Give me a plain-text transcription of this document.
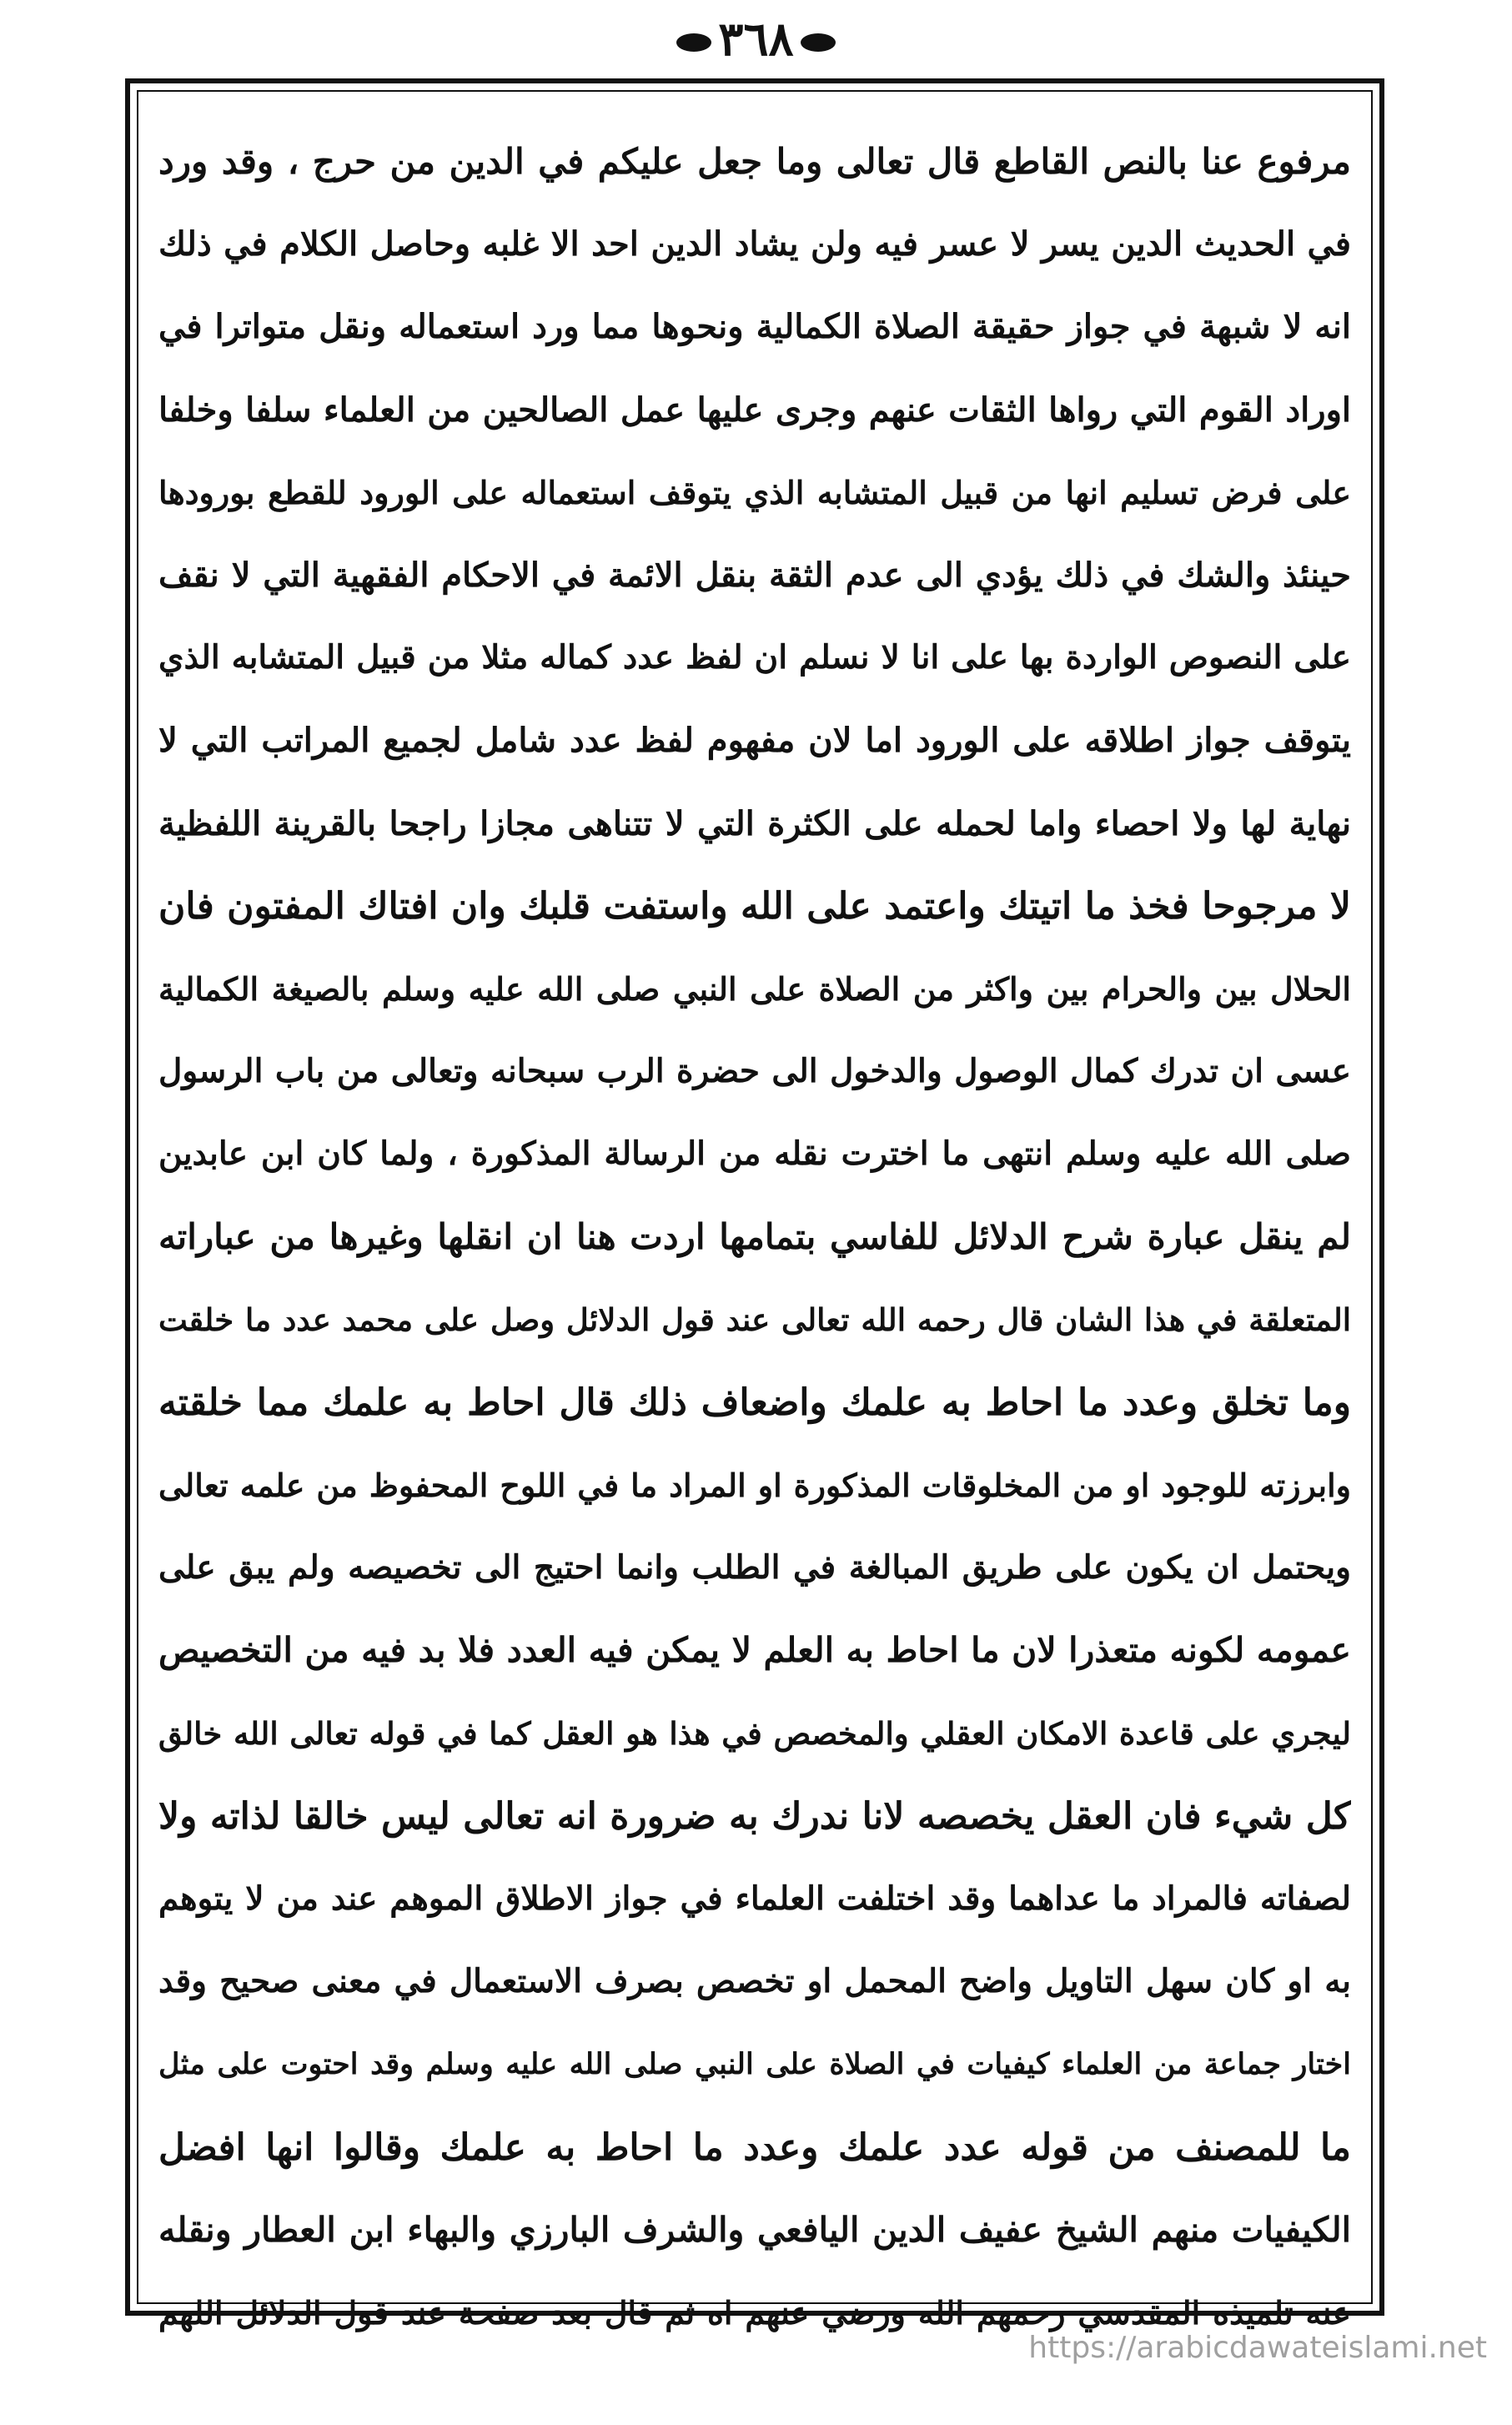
٣٦٨
مرفوع عنا بالنص القاطع قال تعالى وما جعل عليكم في الدين من حرج ، وقد ورد
في الحديث الدين يسر لا عسر فيه ولن يشاد الدين احد الا غلبه وحاصل الكلام في ذلك
انه لا شبهة في جواز حقيقة الصلاة الكمالية ونحوها مما ورد استعماله ونقل متواترا في
اوراد القوم التي رواها الثقات عنهم وجرى عليها عمل الصالحين من العلماء سلفا وخلفا
على فرض تسليم انها من قبيل المتشابه الذي يتوقف استعماله على الورود للقطع بورودها
حينئذ والشك في ذلك يؤدي الى عدم الثقة بنقل الائمة في الاحكام الفقهية التي لا نقف
على النصوص الواردة بها على انا لا نسلم ان لفظ عدد كماله مثلا من قبيل المتشابه الذي
يتوقف جواز اطلاقه على الورود اما لان مفهوم لفظ عدد شامل لجميع المراتب التي لا
نهاية لها ولا احصاء واما لحمله على الكثرة التي لا تتناهى مجازا راجحا بالقرينة اللفظية
لا مرجوحا فخذ ما اتيتك واعتمد على الله واستفت قلبك وان افتاك المفتون فان
الحلال بين والحرام بين واكثر من الصلاة على النبي صلى الله عليه وسلم بالصيغة الكمالية
عسى ان تدرك كمال الوصول والدخول الى حضرة الرب سبحانه وتعالى من باب الرسول
صلى الله عليه وسلم انتهى ما اخترت نقله من الرسالة المذكورة ، ولما كان ابن عابدين
لم ينقل عبارة شرح الدلائل للفاسي بتمامها اردت هنا ان انقلها وغيرها من عباراته
المتعلقة في هذا الشان قال رحمه الله تعالى عند قول الدلائل وصل على محمد عدد ما خلقت
وما تخلق وعدد ما احاط به علمك واضعاف ذلك قال احاط به علمك مما خلقته
وابرزته للوجود او من المخلوقات المذكورة او المراد ما في اللوح المحفوظ من علمه تعالى
ويحتمل ان يكون على طريق المبالغة في الطلب وانما احتيج الى تخصيصه ولم يبق على
عمومه لكونه متعذرا لان ما احاط به العلم لا يمكن فيه العدد فلا بد فيه من التخصيص
ليجري على قاعدة الامكان العقلي والمخصص في هذا هو العقل كما في قوله تعالى الله خالق
كل شيء فان العقل يخصصه لانا ندرك به ضرورة انه تعالى ليس خالقا لذاته ولا
لصفاته فالمراد ما عداهما وقد اختلفت العلماء في جواز الاطلاق الموهم عند من لا يتوهم
به او كان سهل التاويل واضح المحمل او تخصص بصرف الاستعمال في معنى صحيح وقد
اختار جماعة من العلماء كيفيات في الصلاة على النبي صلى الله عليه وسلم وقد احتوت على مثل
ما للمصنف من قوله عدد علمك وعدد ما احاط به علمك وقالوا انها افضل
الكيفيات منهم الشيخ عفيف الدين اليافعي والشرف البارزي والبهاء ابن العطار ونقله
عنه تلميذه المقدسي رحمهم الله ورضي عنهم اه ثم قال بعد صفحة عند قول الدلائل اللهم
https://arabicdawateislami.net
